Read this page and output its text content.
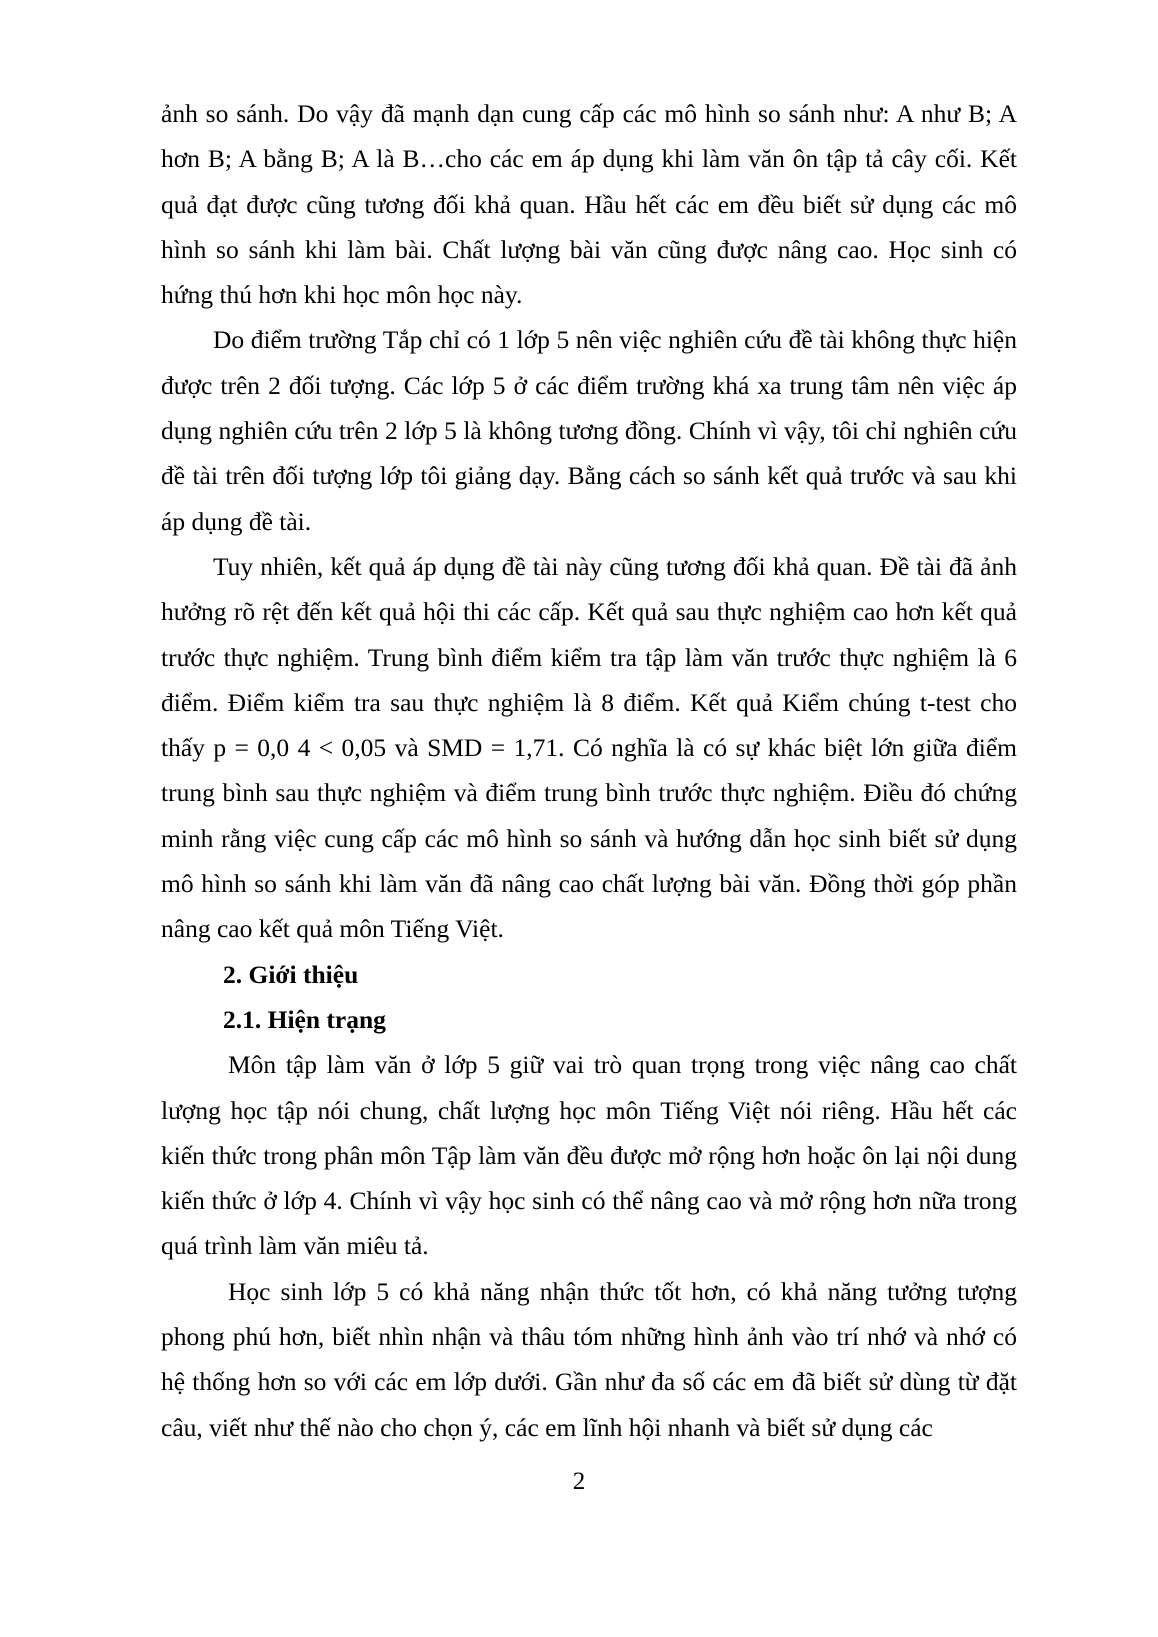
ảnh so sánh. Do vậy đã mạnh dạn cung cấp các mô hình so sánh như: A như B; A hơn B; A bằng B; A là B…cho các em áp dụng khi làm văn ôn tập tả cây cối. Kết quả đạt được cũng tương đối khả quan. Hầu hết các em đều biết sử dụng các mô hình so sánh khi làm bài. Chất lượng bài văn cũng được nâng cao. Học sinh có hứng thú hơn khi học môn học này.

Do điểm trường Tắp chỉ có 1 lớp 5 nên việc nghiên cứu đề tài không thực hiện được trên 2 đối tượng. Các lớp 5 ở các điểm trường khá xa trung tâm nên việc áp dụng nghiên cứu trên 2 lớp 5 là không tương đồng. Chính vì vậy, tôi chỉ nghiên cứu đề tài trên đối tượng lớp tôi giảng dạy. Bằng cách so sánh kết quả trước và sau khi áp dụng đề tài.

Tuy nhiên, kết quả áp dụng đề tài này cũng tương đối khả quan. Đề tài đã ảnh hưởng rõ rệt đến kết quả hội thi các cấp. Kết quả sau thực nghiệm cao hơn kết quả trước thực nghiệm. Trung bình điểm kiểm tra tập làm văn trước thực nghiệm là 6 điểm. Điểm kiểm tra sau thực nghiệm là 8 điểm. Kết quả Kiểm chúng t-test cho thấy p = 0,0 4 < 0,05 và SMD = 1,71. Có nghĩa là có sự khác biệt lớn giữa điểm trung bình sau thực nghiệm và điểm trung bình trước thực nghiệm. Điều đó chứng minh rằng việc cung cấp các mô hình so sánh và hướng dẫn học sinh biết sử dụng mô hình so sánh khi làm văn đã nâng cao chất lượng bài văn. Đồng thời góp phần nâng cao kết quả môn Tiếng Việt.

2. Giới thiệu

2.1. Hiện trạng

Môn tập làm văn ở lớp 5 giữ vai trò quan trọng trong việc nâng cao chất lượng học tập nói chung, chất lượng học môn Tiếng Việt nói riêng. Hầu hết các kiến thức trong phân môn Tập làm văn đều được mở rộng hơn hoặc ôn lại nội dung kiến thức ở lớp 4. Chính vì vậy học sinh có thể nâng cao và mở rộng hơn nữa trong quá trình làm văn miêu tả.

Học sinh lớp 5 có khả năng nhận thức tốt hơn, có khả năng tưởng tượng phong phú hơn, biết nhìn nhận và thâu tóm những hình ảnh vào trí nhớ và nhớ có hệ thống hơn so với các em lớp dưới. Gần như đa số các em đã biết sử dùng từ đặt câu, viết như thế nào cho chọn ý, các em lĩnh hội nhanh và biết sử dụng các

2
